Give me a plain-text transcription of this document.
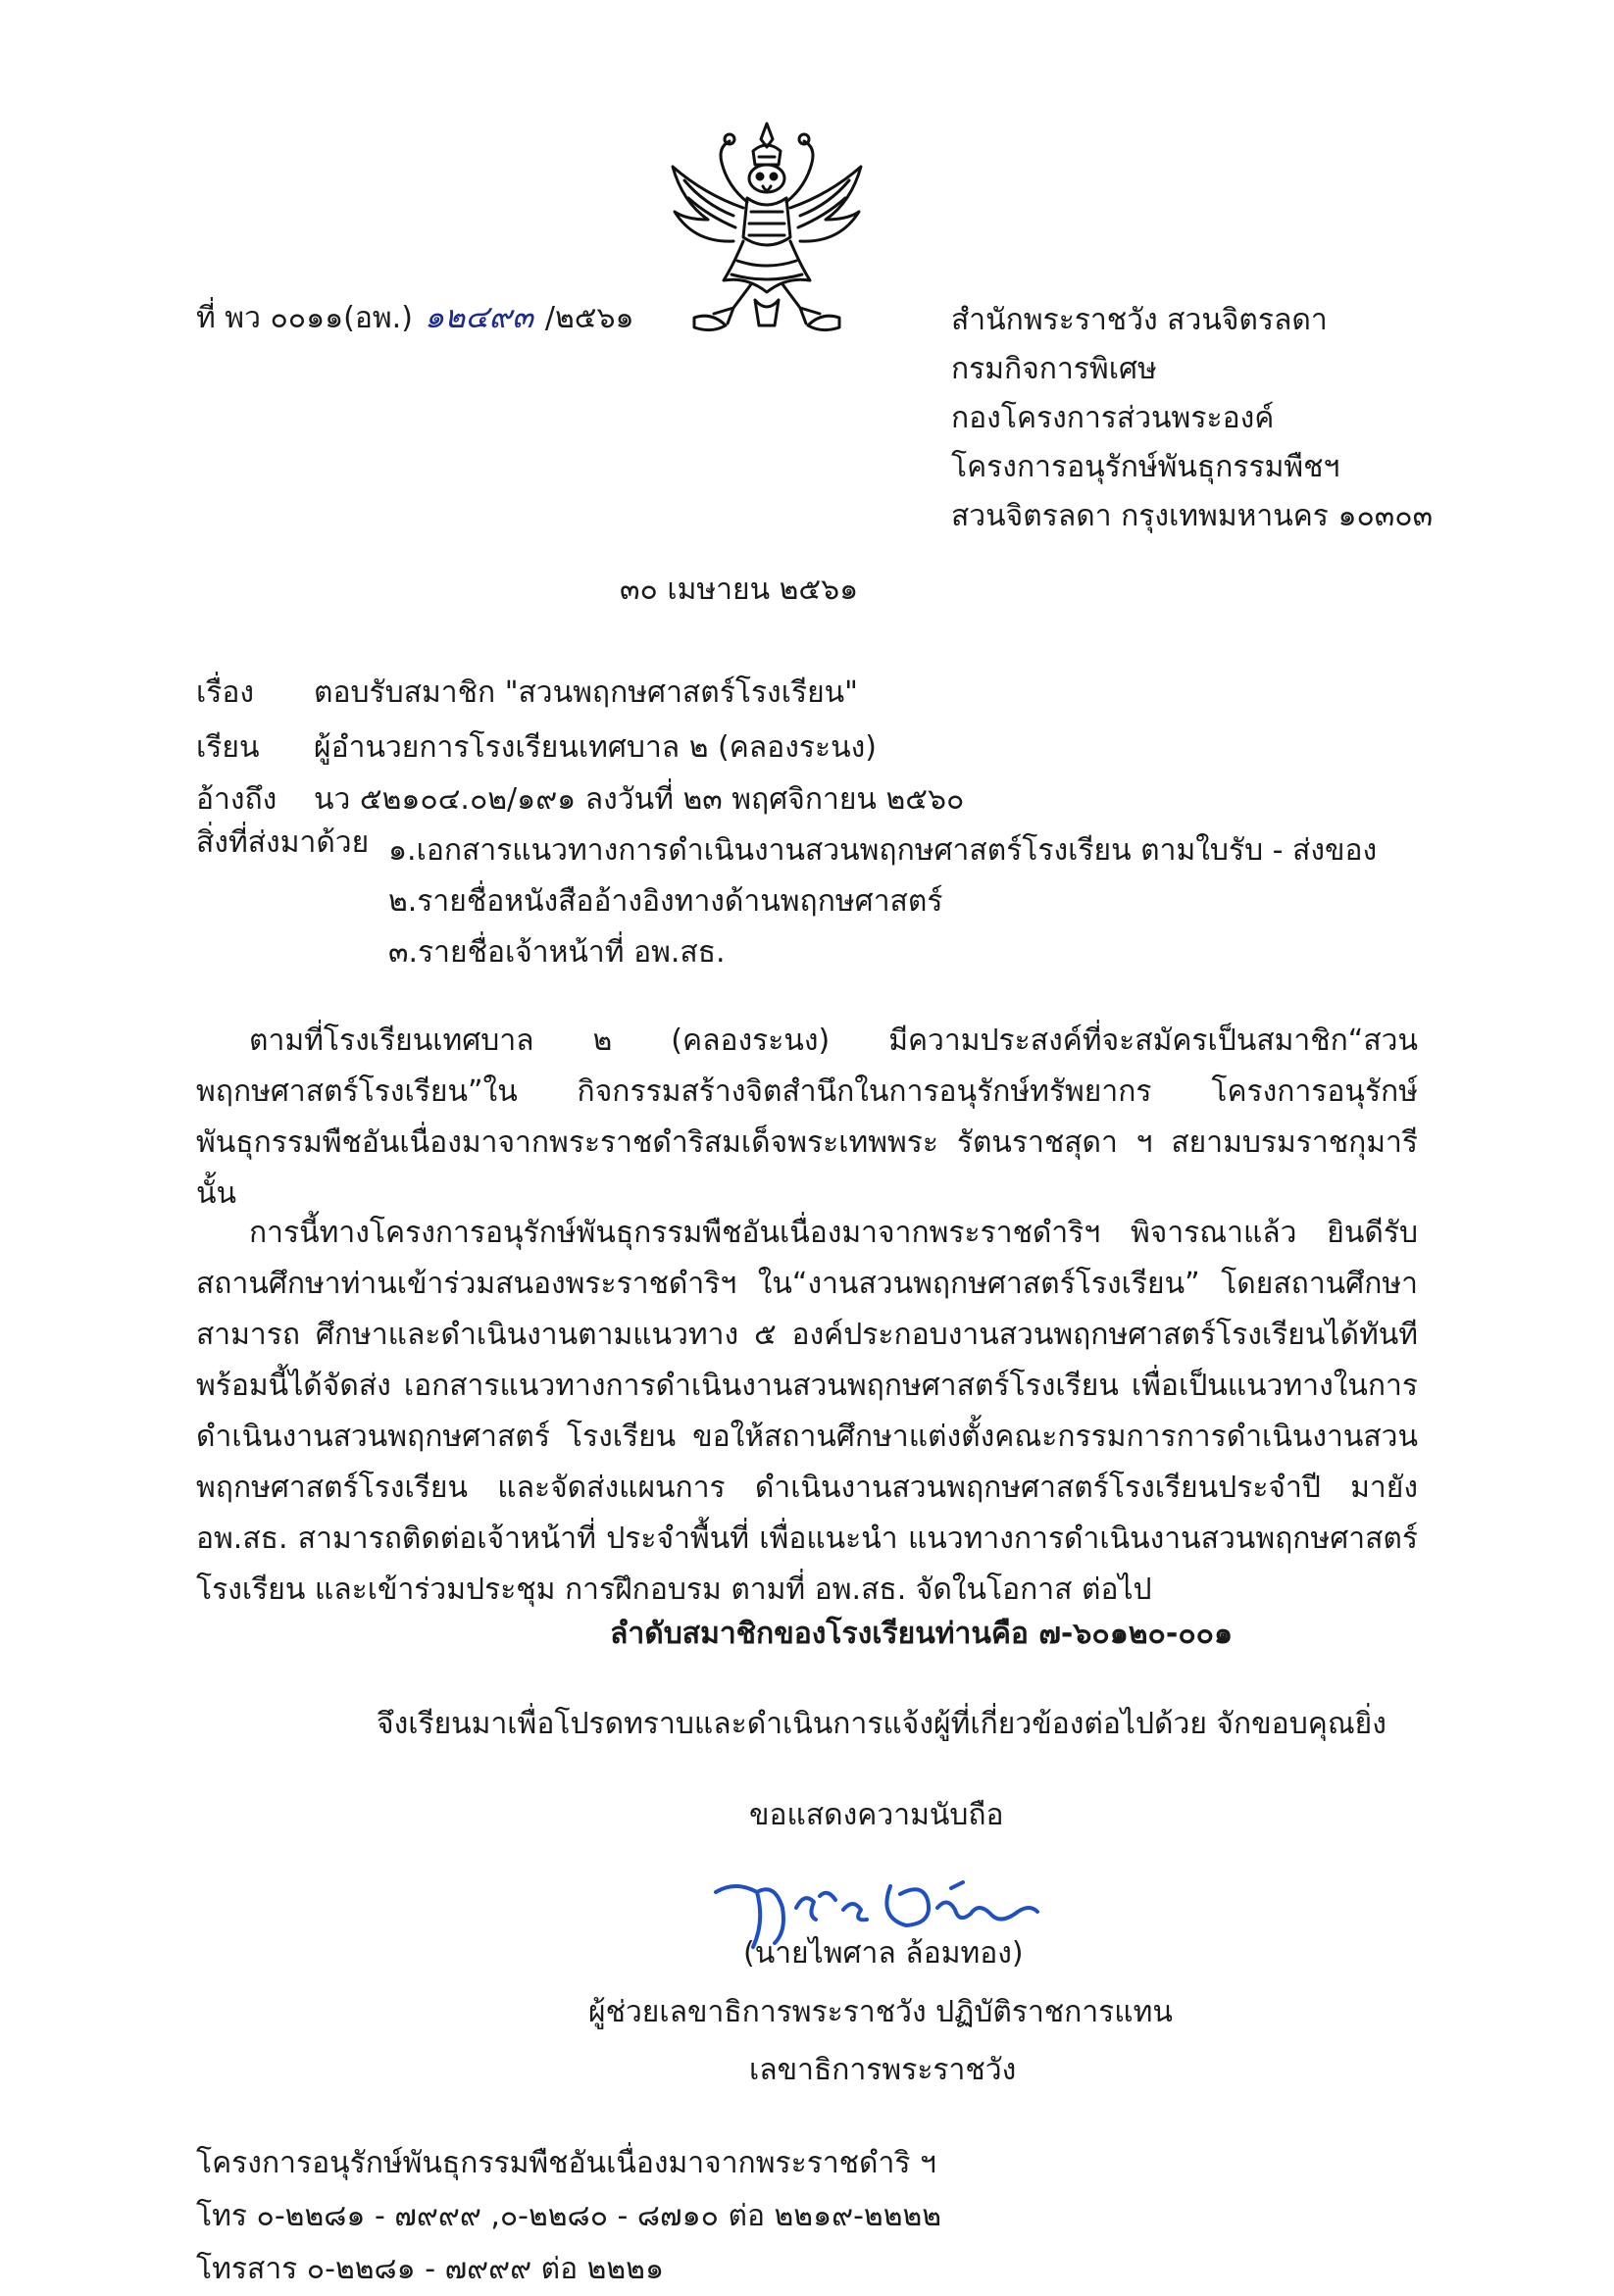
ที่ พว ๐๐๑๑(อพ.) ๑๒๔๙๓ /๒๕๖๑	สำนักพระราชวัง สวนจิตรลดา
กรมกิจการพิเศษ
กองโครงการส่วนพระองค์
โครงการอนุรักษ์พันธุกรรมพืชฯ
สวนจิตรลดา กรุงเทพมหานคร ๑๐๓๐๓
๓๐ เมษายน ๒๕๖๑
เรื่อง ตอบรับสมาชิก "สวนพฤกษศาสตร์โรงเรียน"
เรียน ผู้อำนวยการโรงเรียนเทศบาล ๒ (คลองระนง)
อ้างถึง นว ๕๒๑๐๔.๐๒/๑๙๑ ลงวันที่ ๒๓ พฤศจิกายน ๒๕๖๐
สิ่งที่ส่งมาด้วย ๑.เอกสารแนวทางการดำเนินงานสวนพฤกษศาสตร์โรงเรียน ตามใบรับ - ส่งของ
๒.รายชื่อหนังสืออ้างอิงทางด้านพฤกษศาสตร์
๓.รายชื่อเจ้าหน้าที่ อพ.สธ.

ตามที่โรงเรียนเทศบาล ๒ (คลองระนง) มีความประสงค์ที่จะสมัครเป็นสมาชิก“สวนพฤกษศาสตร์โรงเรียน”ใน กิจกรรมสร้างจิตสำนึกในการอนุรักษ์ทรัพยากร โครงการอนุรักษ์พันธุกรรมพืชอันเนื่องมาจากพระราชดำริสมเด็จพระเทพพระ รัตนราชสุดา ฯ สยามบรมราชกุมารี นั้น

การนี้ทางโครงการอนุรักษ์พันธุกรรมพืชอันเนื่องมาจากพระราชดำริฯ พิจารณาแล้ว ยินดีรับ สถานศึกษาท่านเข้าร่วมสนองพระราชดำริฯ ใน“งานสวนพฤกษศาสตร์โรงเรียน” โดยสถานศึกษาสามารถ ศึกษาและดำเนินงานตามแนวทาง ๕ องค์ประกอบงานสวนพฤกษศาสตร์โรงเรียนได้ทันที พร้อมนี้ได้จัดส่ง เอกสารแนวทางการดำเนินงานสวนพฤกษศาสตร์โรงเรียน เพื่อเป็นแนวทางในการดำเนินงานสวนพฤกษศาสตร์ โรงเรียน ขอให้สถานศึกษาแต่งตั้งคณะกรรมการการดำเนินงานสวนพฤกษศาสตร์โรงเรียน และจัดส่งแผนการ ดำเนินงานสวนพฤกษศาสตร์โรงเรียนประจำปี มายัง อพ.สธ. สามารถติดต่อเจ้าหน้าที่ ประจำพื้นที่ เพื่อแนะนำ แนวทางการดำเนินงานสวนพฤกษศาสตร์โรงเรียน และเข้าร่วมประชุม การฝึกอบรม ตามที่ อพ.สธ. จัดในโอกาส ต่อไป

ลำดับสมาชิกของโรงเรียนท่านคือ ๗-๖๐๑๒๐-๐๐๑
จึงเรียนมาเพื่อโปรดทราบและดำเนินการแจ้งผู้ที่เกี่ยวข้องต่อไปด้วย จักขอบคุณยิ่ง
ขอแสดงความนับถือ
(นายไพศาล ล้อมทอง)
ผู้ช่วยเลขาธิการพระราชวัง ปฏิบัติราชการแทน
เลขาธิการพระราชวัง
โครงการอนุรักษ์พันธุกรรมพืชอันเนื่องมาจากพระราชดำริ ฯ
โทร ๐-๒๒๘๑ - ๗๙๙๙ ,๐-๒๒๘๐ - ๘๗๑๐ ต่อ ๒๒๑๙-๒๒๒๒
โทรสาร ๐-๒๒๘๑ - ๗๙๙๙ ต่อ ๒๒๒๑
